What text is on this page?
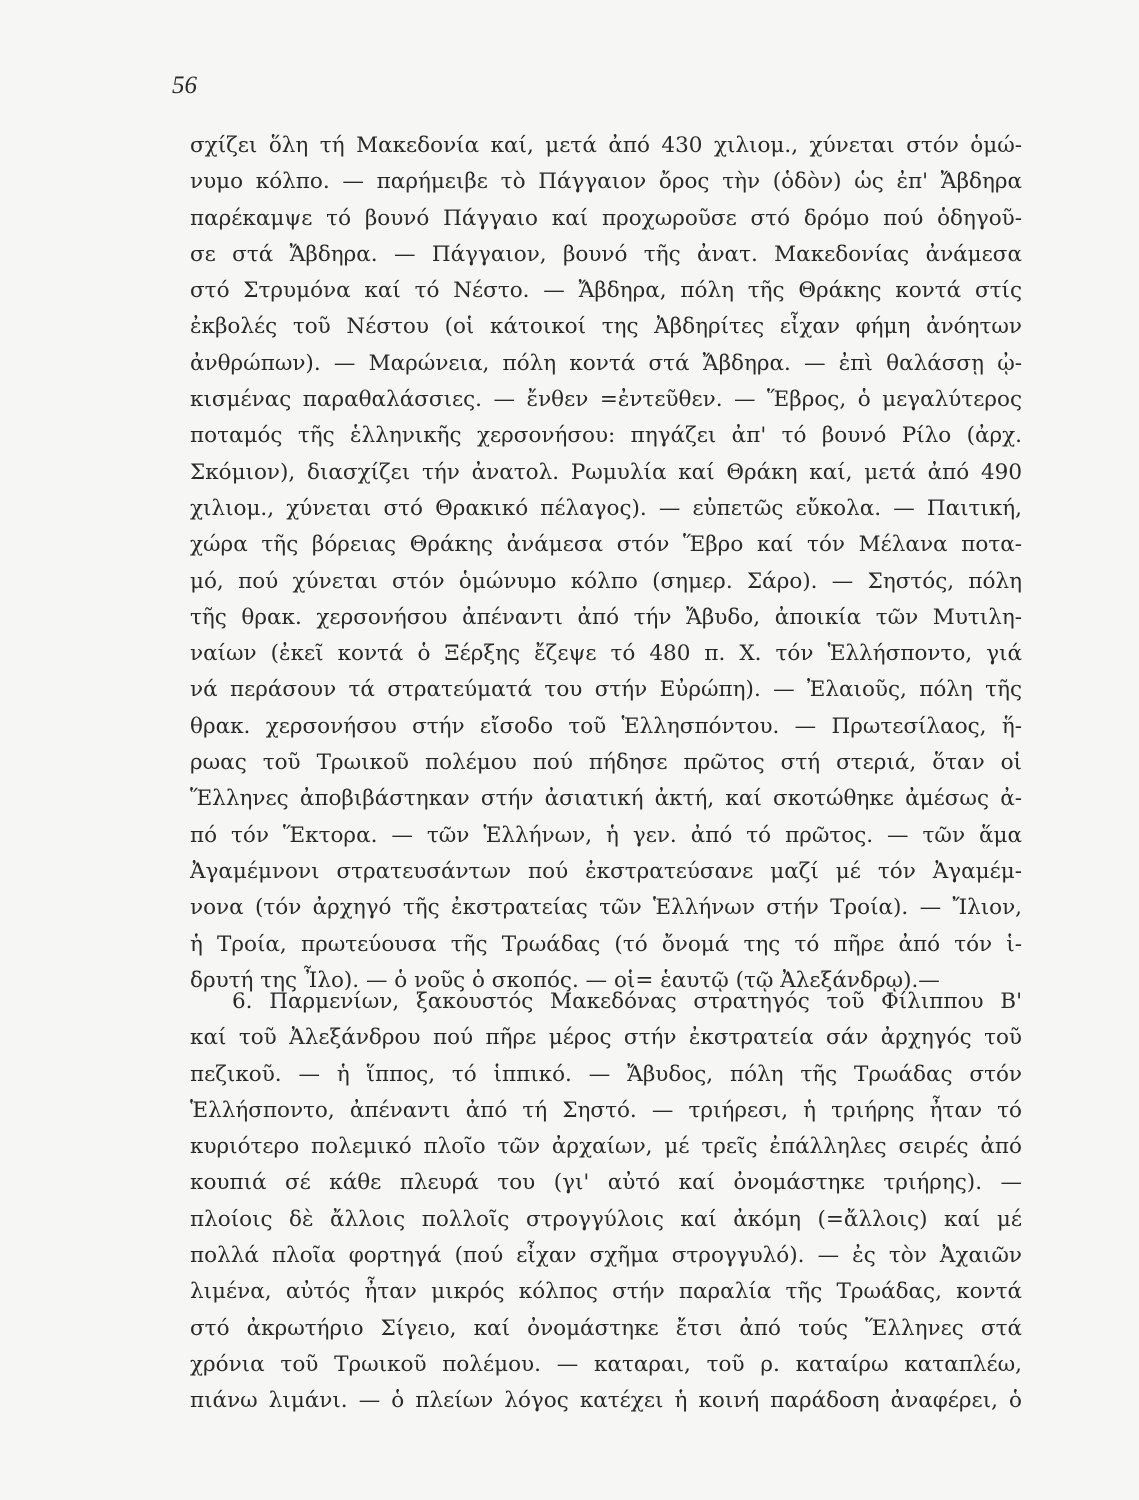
56
σχίζει ὅλη τή Μακεδονία καί, μετά ἀπό 430 χιλιομ., χύνεται στόν ὁμώ-
νυμο κόλπο. — παρήμειβε τὸ Πάγγαιον ὄρος τὴν (ὁδὸν) ὡς ἐπ' Ἄβδηρα
παρέκαμψε τό βουνό Πάγγαιο καί προχωροῦσε στό δρόμο πού ὁδηγοῦ-
σε στά Ἄβδηρα. — Πάγγαιον, βουνό τῆς ἀνατ. Μακεδονίας ἀνάμεσα
στό Στρυμόνα καί τό Νέστο. — Ἄβδηρα, πόλη τῆς Θράκης κοντά στίς
ἐκβολές τοῦ Νέστου (οἱ κάτοικοί της Ἀβδηρίτες εἶχαν φήμη ἀνόητων
ἀνθρώπων). — Μαρώνεια, πόλη κοντά στά Ἄβδηρα. — ἐπὶ θαλάσσῃ ᾠ-
κισμένας παραθαλάσσιες. — ἔνθεν =ἐντεῦθεν. — Ἕβρος, ὁ μεγαλύτερος
ποταμός τῆς ἑλληνικῆς χερσονήσου: πηγάζει ἀπ' τό βουνό Ρίλο (ἀρχ.
Σκόμιον), διασχίζει τήν ἀνατολ. Ρωμυλία καί Θράκη καί, μετά ἀπό 490
χιλιομ., χύνεται στό Θρακικό πέλαγος). — εὐπετῶς εὔκολα. — Παιτική,
χώρα τῆς βόρειας Θράκης ἀνάμεσα στόν Ἕβρο καί τόν Μέλανα ποτα-
μό, πού χύνεται στόν ὁμώνυμο κόλπο (σημερ. Σάρο). — Σηστός, πόλη
τῆς θρακ. χερσονήσου ἀπέναντι ἀπό τήν Ἄβυδο, ἀποικία τῶν Μυτιλη-
ναίων (ἐκεῖ κοντά ὁ Ξέρξης ἔζεψε τό 480 π. Χ. τόν Ἑλλήσποντο, γιά
νά περάσουν τά στρατεύματά του στήν Εὐρώπη). — Ἐλαιοῦς, πόλη τῆς
θρακ. χερσονήσου στήν εἴσοδο τοῦ Ἑλλησπόντου. — Πρωτεσίλαος, ἥ-
ρωας τοῦ Τρωικοῦ πολέμου πού πήδησε πρῶτος στή στεριά, ὅταν οἱ
Ἕλληνες ἀποβιβάστηκαν στήν ἀσιατική ἀκτή, καί σκοτώθηκε ἀμέσως ἀ-
πό τόν Ἕκτορα. — τῶν Ἑλλήνων, ἡ γεν. ἀπό τό πρῶτος. — τῶν ἅμα
Ἀγαμέμνονι στρατευσάντων πού ἐκστρατεύσανε μαζί μέ τόν Ἀγαμέμ-
νονα (τόν ἀρχηγό τῆς ἐκστρατείας τῶν Ἑλλήνων στήν Τροία). — Ἴλιον,
ἡ Τροία, πρωτεύουσα τῆς Τρωάδας (τό ὄνομά της τό πῆρε ἀπό τόν ἱ-
δρυτή της Ἶλο). — ὁ νοῦς ὁ σκοπός. — οἱ= ἑαυτῷ (τῷ Ἀλεξάνδρῳ).—
6. Παρμενίων, ξακουστός Μακεδόνας στρατηγός τοῦ Φίλιππου Β'
καί τοῦ Ἀλεξάνδρου πού πῆρε μέρος στήν ἐκστρατεία σάν ἀρχηγός τοῦ
πεζικοῦ. — ἡ ἵππος, τό ἱππικό. — Ἄβυδος, πόλη τῆς Τρωάδας στόν
Ἑλλήσποντο, ἀπέναντι ἀπό τή Σηστό. — τριήρεσι, ἡ τριήρης ἦταν τό
κυριότερο πολεμικό πλοῖο τῶν ἀρχαίων, μέ τρεῖς ἐπάλληλες σειρές ἀπό
κουπιά σέ κάθε πλευρά του (γι' αὐτό καί ὀνομάστηκε τριήρης). —
πλοίοις δὲ ἄλλοις πολλοῖς στρογγύλοις καί ἀκόμη (=ἄλλοις) καί μέ
πολλά πλοῖα φορτηγά (πού εἶχαν σχῆμα στρογγυλό). — ἐς τὸν Ἀχαιῶν
λιμένα, αὐτός ἦταν μικρός κόλπος στήν παραλία τῆς Τρωάδας, κοντά
στό ἀκρωτήριο Σίγειο, καί ὀνομάστηκε ἔτσι ἀπό τούς Ἕλληνες στά
χρόνια τοῦ Τρωικοῦ πολέμου. — καταραι, τοῦ ρ. καταίρω καταπλέω,
πιάνω λιμάνι. — ὁ πλείων λόγος κατέχει ἡ κοινή παράδοση ἀναφέρει, ὁ
